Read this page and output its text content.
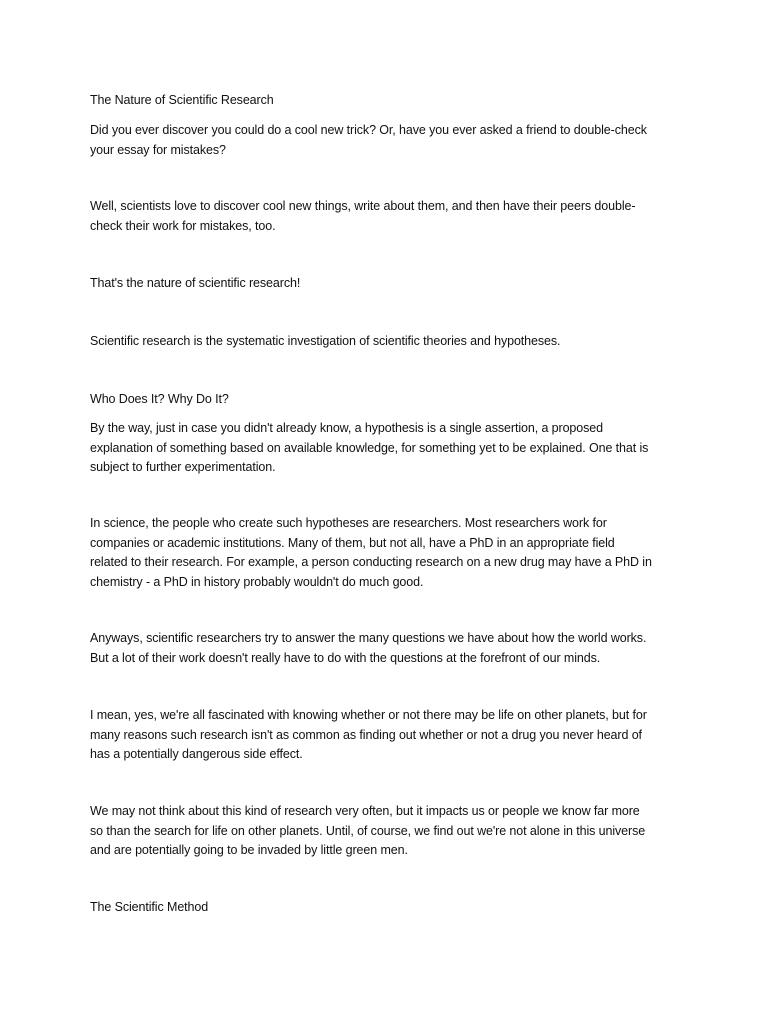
The Nature of Scientific Research

Did you ever discover you could do a cool new trick? Or, have you ever asked a friend to double-check
your essay for mistakes?

Well, scientists love to discover cool new things, write about them, and then have their peers double-
check their work for mistakes, too.

That's the nature of scientific research!

Scientific research is the systematic investigation of scientific theories and hypotheses.

Who Does It? Why Do It?

By the way, just in case you didn't already know, a hypothesis is a single assertion, a proposed
explanation of something based on available knowledge, for something yet to be explained. One that is
subject to further experimentation.

In science, the people who create such hypotheses are researchers. Most researchers work for
companies or academic institutions. Many of them, but not all, have a PhD in an appropriate field
related to their research. For example, a person conducting research on a new drug may have a PhD in
chemistry - a PhD in history probably wouldn't do much good.

Anyways, scientific researchers try to answer the many questions we have about how the world works.
But a lot of their work doesn't really have to do with the questions at the forefront of our minds.

I mean, yes, we're all fascinated with knowing whether or not there may be life on other planets, but for
many reasons such research isn't as common as finding out whether or not a drug you never heard of
has a potentially dangerous side effect.

We may not think about this kind of research very often, but it impacts us or people we know far more
so than the search for life on other planets. Until, of course, we find out we're not alone in this universe
and are potentially going to be invaded by little green men.

The Scientific Method
